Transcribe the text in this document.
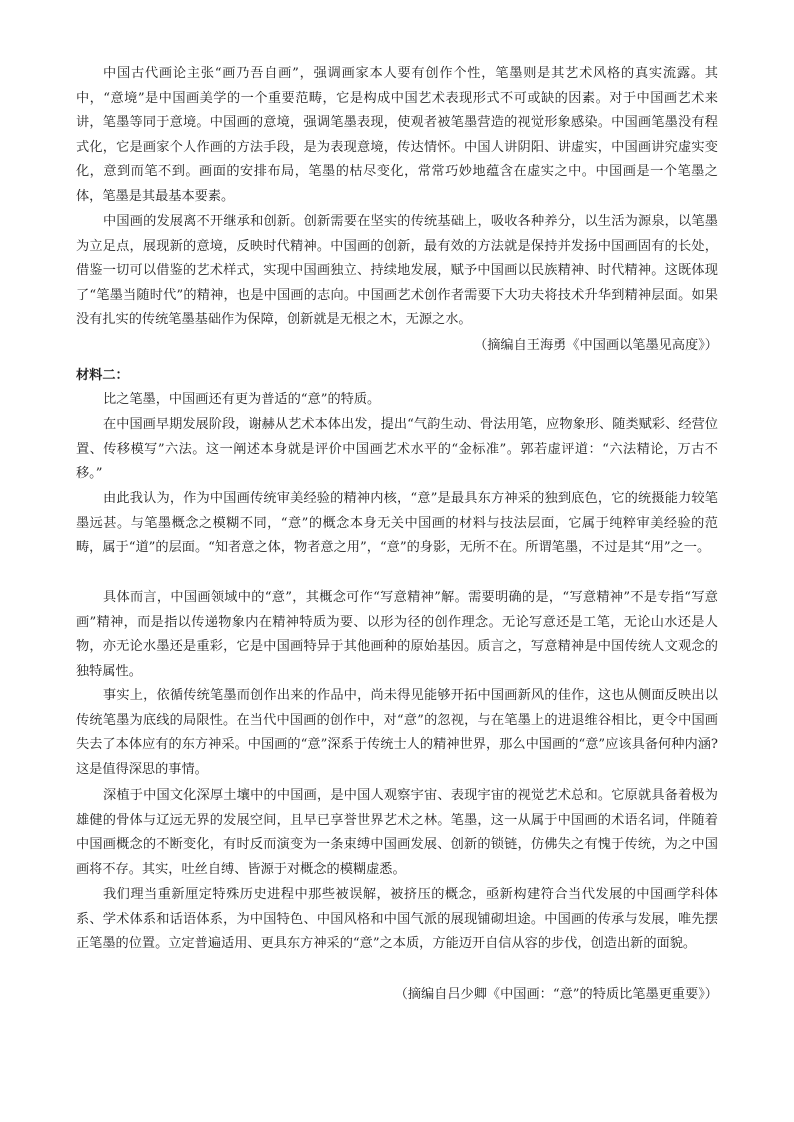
中国古代画论主张“画乃吾自画”，强调画家本人要有创作个性，笔墨则是其艺术风格的真实流露。其中，“意境”是中国画美学的一个重要范畴，它是构成中国艺术表现形式不可或缺的因素。对于中国画艺术来讲，笔墨等同于意境。中国画的意境，强调笔墨表现，使观者被笔墨营造的视觉形象感染。中国画笔墨没有程式化，它是画家个人作画的方法手段，是为表现意境，传达情怀。中国人讲阴阳、讲虚实，中国画讲究虚实变化，意到而笔不到。画面的安排布局，笔墨的枯尽变化，常常巧妙地蕴含在虚实之中。中国画是一个笔墨之体，笔墨是其最基本要素。

中国画的发展离不开继承和创新。创新需要在坚实的传统基础上，吸收各种养分，以生活为源泉，以笔墨为立足点，展现新的意境，反映时代精神。中国画的创新，最有效的方法就是保持并发扬中国画固有的长处，借鉴一切可以借鉴的艺术样式，实现中国画独立、持续地发展，赋予中国画以民族精神、时代精神。这既体现了“笔墨当随时代”的精神，也是中国画的志向。中国画艺术创作者需要下大功夫将技术升华到精神层面。如果没有扎实的传统笔墨基础作为保障，创新就是无根之木，无源之水。

（摘编自王海勇《中国画以笔墨见高度》）

材料二：

比之笔墨，中国画还有更为普适的“意”的特质。

在中国画早期发展阶段，谢赫从艺术本体出发，提出“气韵生动、骨法用笔，应物象形、随类赋彩、经营位置、传移模写”六法。这一阐述本身就是评价中国画艺术水平的“金标准”。郭若虚评道：“六法精论，万古不移。”

由此我认为，作为中国画传统审美经验的精神内核，“意”是最具东方神采的独到底色，它的统摄能力较笔墨远甚。与笔墨概念之模糊不同，“意”的概念本身无关中国画的材料与技法层面，它属于纯粹审美经验的范畴，属于“道”的层面。“知者意之体，物者意之用”，“意”的身影，无所不在。所谓笔墨，不过是其“用”之一。

具体而言，中国画领域中的“意”，其概念可作“写意精神”解。需要明确的是，“写意精神”不是专指“写意画”精神，而是指以传递物象内在精神特质为要、以形为径的创作理念。无论写意还是工笔，无论山水还是人物，亦无论水墨还是重彩，它是中国画特异于其他画种的原始基因。质言之，写意精神是中国传统人文观念的独特属性。

事实上，依循传统笔墨而创作出来的作品中，尚未得见能够开拓中国画新风的佳作，这也从侧面反映出以传统笔墨为底线的局限性。在当代中国画的创作中，对“意”的忽视，与在笔墨上的进退维谷相比，更令中国画失去了本体应有的东方神采。中国画的“意”深系于传统士人的精神世界，那么中国画的“意”应该具备何种内涵?这是值得深思的事情。

深植于中国文化深厚土壤中的中国画，是中国人观察宇宙、表现宇宙的视觉艺术总和。它原就具备着极为雄健的骨体与辽远无界的发展空间，且早已享誉世界艺术之林。笔墨，这一从属于中国画的术语名词，伴随着中国画概念的不断变化，有时反而演变为一条束缚中国画发展、创新的锁链，仿佛失之有愧于传统，为之中国画将不存。其实，吐丝自缚、皆源于对概念的模糊虚悉。

我们理当重新厘定特殊历史进程中那些被误解，被挤压的概念，亟新构建符合当代发展的中国画学科体系、学术体系和话语体系，为中国特色、中国风格和中国气派的展现铺砌坦途。中国画的传承与发展，唯先摆正笔墨的位置。立定普遍适用、更具东方神采的“意”之本质，方能迈开自信从容的步伐，创造出新的面貌。

（摘编自吕少卿《中国画：“意”的特质比笔墨更重要》）
